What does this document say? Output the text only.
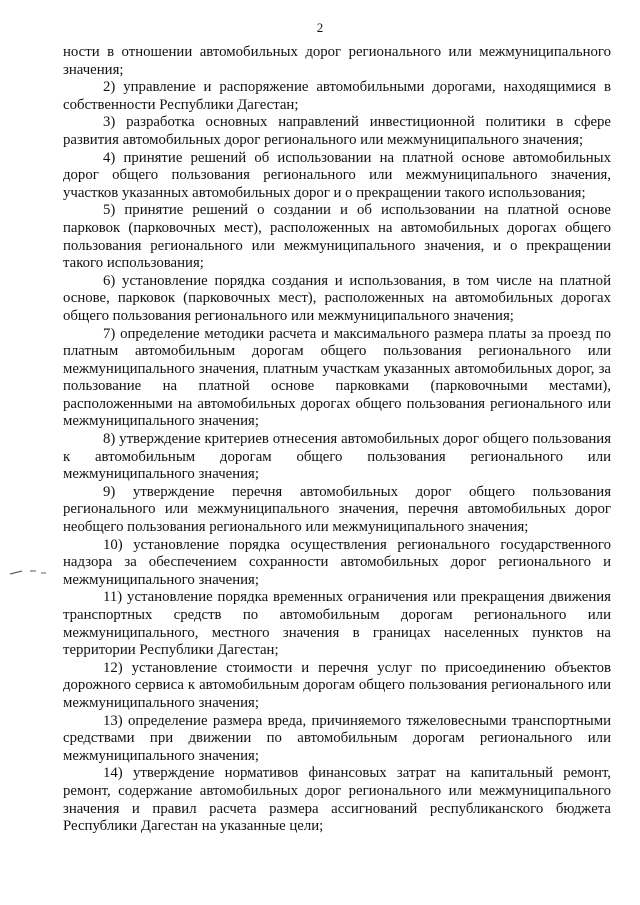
2

ности в отношении автомобильных дорог регионального или межмуниципального значения;

2) управление и распоряжение автомобильными дорогами, находящимися в собственности Республики Дагестан;

3) разработка основных направлений инвестиционной политики в сфере развития автомобильных дорог регионального или межмуниципального значения;

4) принятие решений об использовании на платной основе автомобильных дорог общего пользования регионального или межмуниципального значения, участков указанных автомобильных дорог и о прекращении такого использования;

5) принятие решений о создании и об использовании на платной основе парковок (парковочных мест), расположенных на автомобильных дорогах общего пользования регионального или межмуниципального значения, и о прекращении такого использования;

6) установление порядка создания и использования, в том числе на платной основе, парковок (парковочных мест), расположенных на автомобильных дорогах общего пользования регионального или межмуниципального значения;

7) определение методики расчета и максимального размера платы за проезд по платным автомобильным дорогам общего пользования регионального или межмуниципального значения, платным участкам указанных автомобильных дорог, за пользование на платной основе парковками (парковочными местами), расположенными на автомобильных дорогах общего пользования регионального или межмуниципального значения;

8) утверждение критериев отнесения автомобильных дорог общего пользования к автомобильным дорогам общего пользования регионального или межмуниципального значения;

9) утверждение перечня автомобильных дорог общего пользования регионального или межмуниципального значения, перечня автомобильных дорог необщего пользования регионального или межмуниципального значения;

10) установление порядка осуществления регионального государственного надзора за обеспечением сохранности автомобильных дорог регионального и межмуниципального значения;

11) установление порядка временных ограничения или прекращения движения транспортных средств по автомобильным дорогам регионального или межмуниципального, местного значения в границах населенных пунктов на территории Республики Дагестан;

12) установление стоимости и перечня услуг по присоединению объектов дорожного сервиса к автомобильным дорогам общего пользования регионального или межмуниципального значения;

13) определение размера вреда, причиняемого тяжеловесными транспортными средствами при движении по автомобильным дорогам регионального или межмуниципального значения;

14) утверждение нормативов финансовых затрат на капитальный ремонт, ремонт, содержание автомобильных дорог регионального или межмуниципального значения и правил расчета размера ассигнований республиканского бюджета Республики Дагестан на указанные цели;
